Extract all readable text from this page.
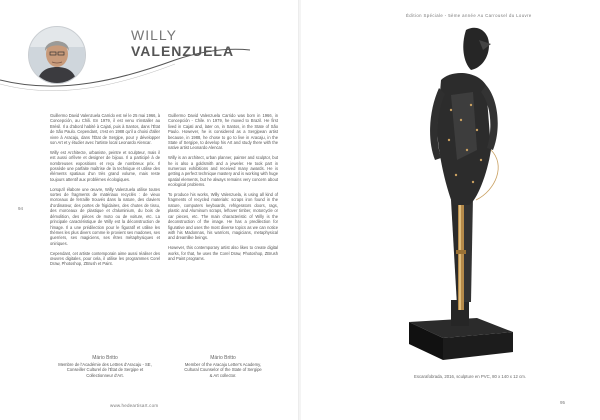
WILLY
VALENZUELA
94

Guillermo David Valenzuela Carrido est né le 25 mai 1966, à Concepción, au Chili. En 1979, il est venu s'installer au Brésil. Il a d'abord habité à Cajati, puis à Santos, dans l'État de São Paulo. Cependant, c'est en 1988 qu'il a choisi d'aller vivre à Aracaju, dans l'État de Sergipe, pour y développer son Art et y étudier avec l'artiste local Leonardo Alencar.

Willy est Architecte, urbaniste, peintre et sculpteur, mais il est aussi orfèvre et designer de bijoux. Il a participé à de nombreuses expositions et reçu de nombreux prix. Il possède une parfaite maîtrise de la technique et utilise des éléments spatiaux d'un très grand volume, mais reste toujours attentif aux problèmes écologiques.

Lorsqu'il élabore une œuvre, Willy Valenzuela utilise toutes sortes de fragments de matériaux recyclés : de vieux morceaux de ferraille trouvés dans la nature, des claviers d'ordinateur, des portes de frigidaires, des chutes de tissu, des morceaux de plastique et d'aluminium, du bois de démolition, des pièces de moto ou de voiture, etc. La principale caractéristique de Willy est la déconstruction de l'image. Il a une prédilection pour le figuratif et utilise les thèmes les plus divers comme le provient ses madones, ses guerriers, ses magiciens, ses êtres métaphysiques et oniriques.

Cependant, cet artiste contemporain aime aussi réaliser des œuvres digitales, pour cela, il utilise les programmes Corel Draw, Photoshop, ZBrush et Paint.

Guillermo David Valenzuela Carrido was born in 1966, in Concepción - Chile. In 1979, he moved to Brazil. He first lived in Cajati and, later on, in Santos, in the State of São Paulo. However, he is considered as a Sergipean artist because, in 1988, he chose to go to live in Aracaju, in the State of Sergipe, to develop his Art and study there with the native artist Leonardo Alencar.

Willy is an architect, urban planner, painter and sculptor, but he is also a goldsmith and a jeweler. He took part in numerous exhibitions and received many awards. He is getting a perfect technique mastery and is working with huge spatial elements, but he always remains very concern about ecological problems.

To produce his works, Willy Valenzuela, is using all kind of fragments of recycled materials: scraps iron found in the nature, computers keyboards, refrigerators doors, rags, plastic and Aluminum scraps, leftover timber, motorcycle or car pieces, etc. The main characteristic of Willy is the deconstruction of the image. He has a predilection for figurative and uses the most diverse topics as we can notice with his Madonnas, his warriors, magicians, metaphysical and dreamlike beings.

However, this contemporary artist also likes to create digital works, for that, he uses the Corel Draw, Photoshop, ZBrush and Paint programs.

Mário Britto
Membre de l'Académie des Lettres d'Aracaju - SE,
Conseiller Culturel de l'État de Sergipe et
Collectionneur d'Art.
Mário Britto
Member of the Aracaju Letter's Academy,
Cultural Counselor of the State of Sergipe
& Art collector.
www.hedeartisart.com
Édition Spéciale - 5ème année Au Carrousel du Louvre
Escarafobrada, 2016, sculpture en PVC, 80 x 140 x 12 cm.
95
